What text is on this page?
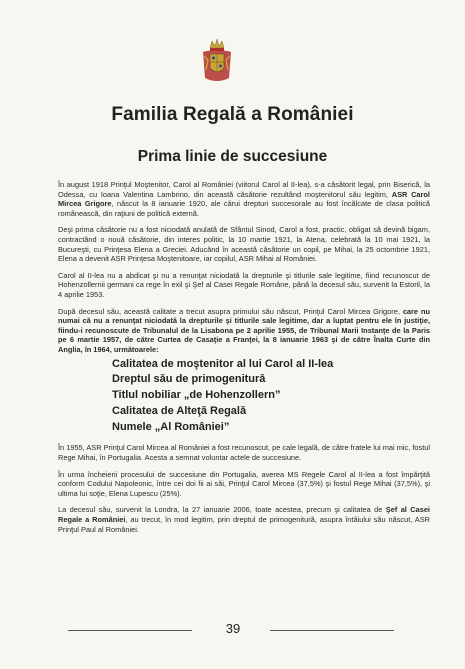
Familia Regală a României
Prima linie de succesiune

În august 1918 Prinţul Moştenitor, Carol al României (viitorul Carol al II-lea), s-a căsătorit legal, prin Biserică, la Odessa, cu Ioana Valentina Lambrino, din această căsătorie rezultând moştenitorul său legitim, ASR Carol Mircea Grigore, născut la 8 ianuarie 1920, ale cărui drepturi succesorale au fost încălcate de clasa politică românească, din raţiuni de politică externă.

Deşi prima căsătorie nu a fost niciodată anulată de Sfântul Sinod, Carol a fost, practic, obligat să devină bigam, contractând o nouă căsătorie, din interes politic, la 10 martie 1921, la Atena, celebrată la 10 mai 1921, la Bucureşti, cu Prinţesa Elena a Greciei. Aducând în această căsătorie un copil, pe Mihai, la 25 octombrie 1921, Elena a devenit ASR Prinţesa Moştenitoare, iar copilul, ASR Mihai al României.

Carol al II-lea nu a abdicat şi nu a renunţat niciodată la drepturile şi titlurile sale legitime, fiind recunoscut de Hohenzollernii germani ca rege în exil şi Şef al Casei Regale Române, până la decesul său, survenit la Estoril, la 4 aprilie 1953.

După decesul său, această calitate a trecut asupra primului său născut, Prinţul Carol Mircea Grigore, care nu numai că nu a renunţat niciodată la drepturile şi titlurile sale legitime, dar a luptat pentru ele în justiţie, fiindu-i recunoscute de Tribunalul de la Lisabona pe 2 aprilie 1955, de Tribunal Marii Instanţe de la Paris pe 6 martie 1957, de către Curtea de Casaţie a Franţei, la 8 ianuarie 1963 şi de către Înalta Curte din Anglia, în 1964, următoarele:

Calitatea de moştenitor al lui Carol al II-lea
Dreptul său de primogenitură
Titlul nobiliar „de Hohenzollern”
Calitatea de Alteţă Regală
Numele „Al României”

În 1955, ASR Prinţul Carol Mircea al României a fost recunoscut, pe cale legală, de către fratele lui mai mic, fostul Rege Mihai, în Portugalia. Acesta a semnat voluntar actele de succesiune.

În urma încheierii procesului de succesiune din Portugalia, averea MS Regele Carol al II-lea a fost împărţită conform Codului Napoleonic, între cei doi fii ai săi, Prinţul Carol Mircea (37,5%) şi fostul Rege Mihai (37,5%), şi ultima lui soţie, Elena Lupescu (25%).

La decesul său, survenit la Londra, la 27 ianuarie 2006, toate acestea, precum şi calitatea de Şef al Casei Regale a României, au trecut, în mod legitim, prin dreptul de primogenitură, asupra întâiului său născut, ASR Prinţul Paul al României.

39
